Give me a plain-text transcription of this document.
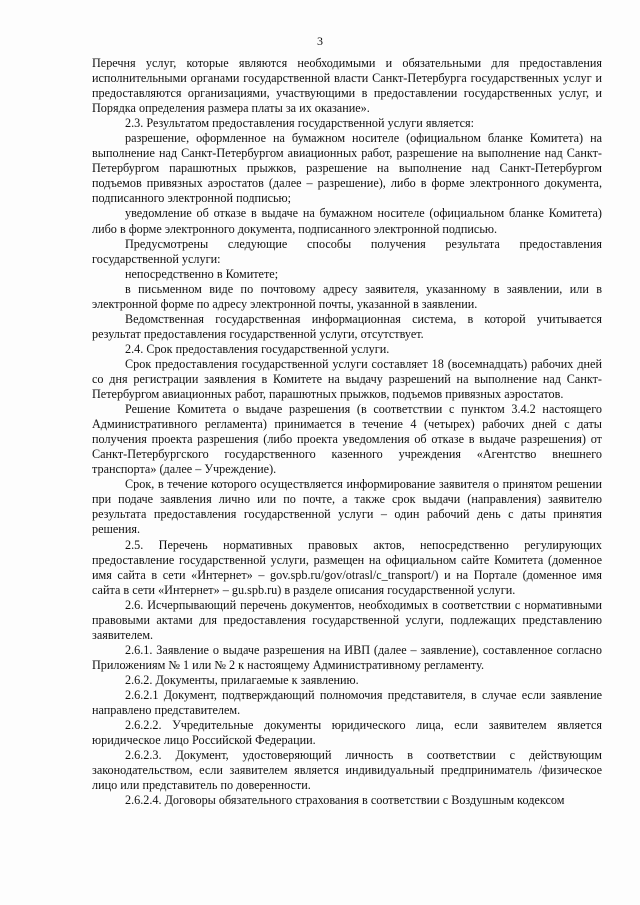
3

Перечня услуг, которые являются необходимыми и обязательными для предоставления исполнительными органами государственной власти Санкт-Петербурга государственных услуг и предоставляются организациями, участвующими в предоставлении государственных услуг, и Порядка определения размера платы за их оказание».

2.3. Результатом предоставления государственной услуги является:

разрешение, оформленное на бумажном носителе (официальном бланке Комитета) на выполнение над Санкт-Петербургом авиационных работ, разрешение на выполнение над Санкт-Петербургом парашютных прыжков, разрешение на выполнение над Санкт-Петербургом подъемов привязных аэростатов (далее – разрешение), либо в форме электронного документа, подписанного электронной подписью;

уведомление об отказе в выдаче на бумажном носителе (официальном бланке Комитета) либо в форме электронного документа, подписанного электронной подписью.

Предусмотрены следующие способы получения результата предоставления государственной услуги:

непосредственно в Комитете;

в письменном виде по почтовому адресу заявителя, указанному в заявлении, или в электронной форме по адресу электронной почты, указанной в заявлении.

Ведомственная государственная информационная система, в которой учитывается результат предоставления государственной услуги, отсутствует.

2.4. Срок предоставления государственной услуги.

Срок предоставления государственной услуги составляет 18 (восемнадцать) рабочих дней со дня регистрации заявления в Комитете на выдачу разрешений на выполнение над Санкт-Петербургом авиационных работ, парашютных прыжков, подъемов привязных аэростатов.

Решение Комитета о выдаче разрешения (в соответствии с пунктом 3.4.2 настоящего Административного регламента) принимается в течение 4 (четырех) рабочих дней с даты получения проекта разрешения (либо проекта уведомления об отказе в выдаче разрешения) от Санкт-Петербургского государственного казенного учреждения «Агентство внешнего транспорта» (далее – Учреждение).

Срок, в течение которого осуществляется информирование заявителя о принятом решении при подаче заявления лично или по почте, а также срок выдачи (направления) заявителю результата предоставления государственной услуги – один рабочий день с даты принятия решения.

2.5. Перечень нормативных правовых актов, непосредственно регулирующих предоставление государственной услуги, размещен на официальном сайте Комитета (доменное имя сайта в сети «Интернет» – gov.spb.ru/gov/otrasl/c_transport/) и на Портале (доменное имя сайта в сети «Интернет» – gu.spb.ru) в разделе описания государственной услуги.

2.6. Исчерпывающий перечень документов, необходимых в соответствии с нормативными правовыми актами для предоставления государственной услуги, подлежащих представлению заявителем.

2.6.1. Заявление о выдаче разрешения на ИВП (далее – заявление), составленное согласно Приложениям № 1 или № 2 к настоящему Административному регламенту.

2.6.2. Документы, прилагаемые к заявлению.

2.6.2.1 Документ, подтверждающий полномочия представителя, в случае если заявление направлено представителем.

2.6.2.2. Учредительные документы юридического лица, если заявителем является юридическое лицо Российской Федерации.

2.6.2.3. Документ, удостоверяющий личность в соответствии с действующим законодательством, если заявителем является индивидуальный предприниматель /физическое лицо или представитель по доверенности.

2.6.2.4. Договоры обязательного страхования в соответствии с Воздушным кодексом
